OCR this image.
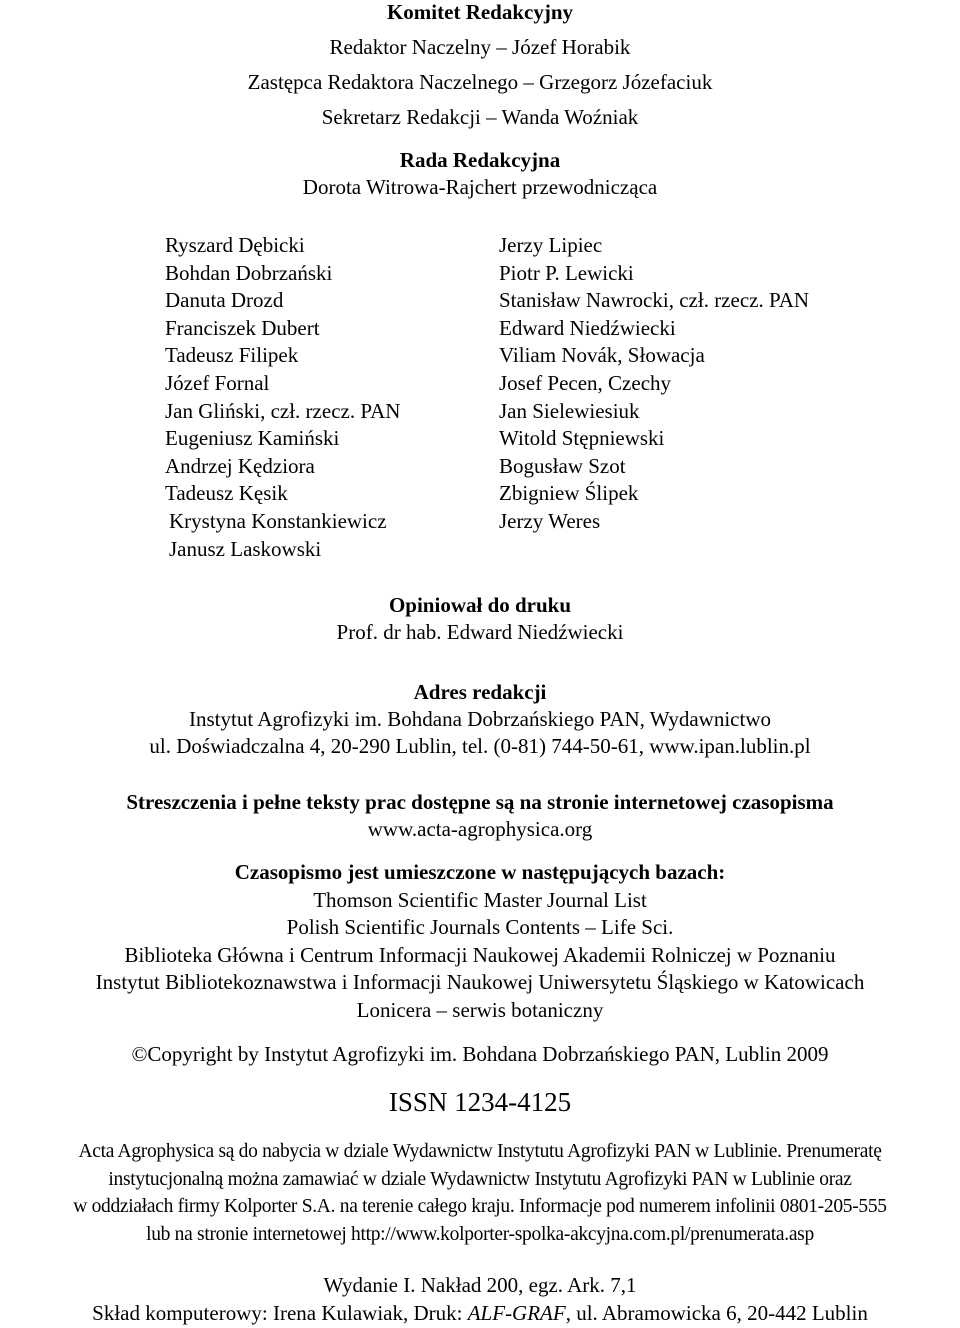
Komitet Redakcyjny
Redaktor Naczelny – Józef Horabik
Zastępca Redaktora Naczelnego – Grzegorz Józefaciuk
Sekretarz Redakcji – Wanda Woźniak
Rada Redakcyjna
Dorota Witrowa-Rajchert przewodnicząca
Ryszard Dębicki
Bohdan Dobrzański
Danuta Drozd
Franciszek Dubert
Tadeusz Filipek
Józef Fornal
Jan Gliński, czł. rzecz. PAN
Eugeniusz Kamiński
Andrzej Kędziora
Tadeusz Kęsik
Krystyna Konstankiewicz
Janusz Laskowski
Jerzy Lipiec
Piotr P. Lewicki
Stanisław Nawrocki, czł. rzecz. PAN
Edward Niedźwiecki
Viliam Novák, Słowacja
Josef Pecen, Czechy
Jan Sielewiesiuk
Witold Stępniewski
Bogusław Szot
Zbigniew Ślipek
Jerzy Weres
Opiniował do druku
Prof. dr hab. Edward Niedźwiecki
Adres redakcji
Instytut Agrofizyki im. Bohdana Dobrzańskiego PAN, Wydawnictwo
ul. Doświadczalna 4, 20-290 Lublin, tel. (0-81) 744-50-61, www.ipan.lublin.pl
Streszczenia i pełne teksty prac dostępne są na stronie internetowej czasopisma
www.acta-agrophysica.org
Czasopismo jest umieszczone w następujących bazach:
Thomson Scientific Master Journal List
Polish Scientific Journals Contents – Life Sci.
Biblioteka Główna i Centrum Informacji Naukowej Akademii Rolniczej w Poznaniu
Instytut Bibliotekoznawstwa i Informacji Naukowej Uniwersytetu Śląskiego w Katowicach
Lonicera – serwis botaniczny
©Copyright by Instytut Agrofizyki im. Bohdana Dobrzańskiego PAN, Lublin 2009
ISSN 1234-4125
Acta Agrophysica są do nabycia w dziale Wydawnictw Instytutu Agrofizyki PAN w Lublinie. Prenumeratę
instytucjonalną można zamawiać w dziale Wydawnictw Instytutu Agrofizyki PAN w Lublinie oraz
w oddziałach firmy Kolporter S.A. na terenie całego kraju. Informacje pod numerem infolinii 0801-205-555
lub na stronie internetowej http://www.kolporter-spolka-akcyjna.com.pl/prenumerata.asp
Wydanie I. Nakład 200, egz. Ark. 7,1
Skład komputerowy: Irena Kulawiak, Druk: ALF-GRAF, ul. Abramowicka 6, 20-442 Lublin
